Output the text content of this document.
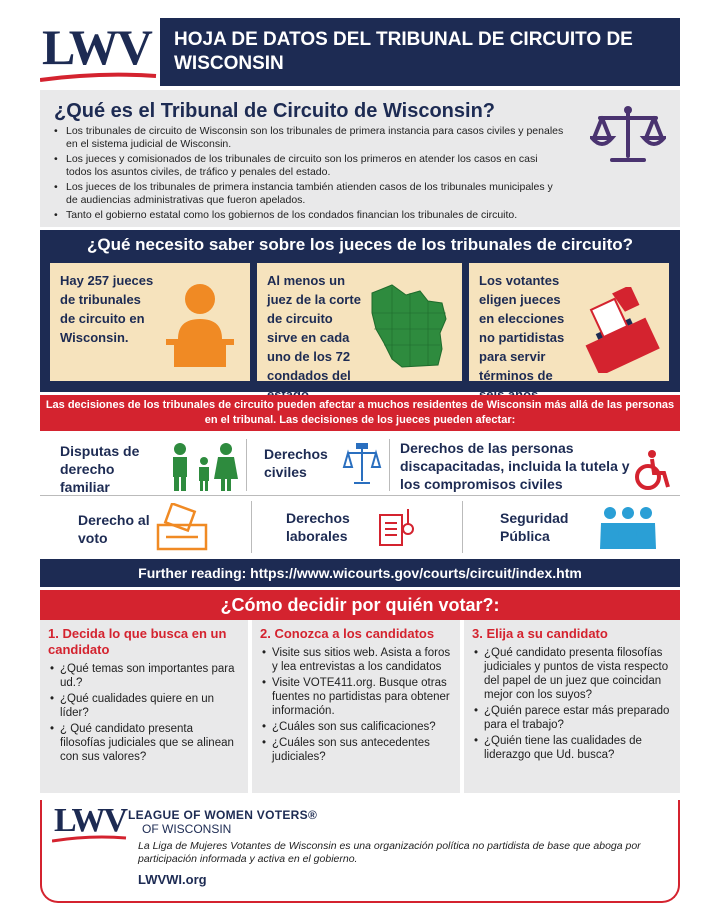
LWV	HOJA DE DATOS DEL TRIBUNAL DE CIRCUITO DE WISCONSIN
¿Qué es el Tribunal de Circuito de Wisconsin?
• Los tribunales de circuito de Wisconsin son los tribunales de primera instancia para casos civiles y penales en el sistema judicial de Wisconsin.
• Los jueces y comisionados de los tribunales de circuito son los primeros en atender los casos en casi todos los asuntos civiles, de tráfico y penales del estado.
• Los jueces de los tribunales de primera instancia también atienden casos de los tribunales municipales y de audiencias administrativas que fueron apelados.
• Tanto el gobierno estatal como los gobiernos de los condados financian los tribunales de circuito.
¿Qué necesito saber sobre los jueces de los tribunales de circuito?
Hay 257 jueces de tribunales de circuito en Wisconsin.
Al menos un juez de la corte de circuito sirve en cada uno de los 72 condados del
Los votantes eligen jueces en elecciones no partidistas para servir términos de
Las decisiones de los tribunales de circuito pueden afectar a muchos residentes de Wisconsin más allá de las personas en el tribunal. Las decisiones de los jueces pueden afectar:
Disputas de derecho familiar
Derechos civiles
Derechos de las personas discapacitadas, incluida la tutela y los compromisos civiles
Derecho al voto
Derechos laborales
Seguridad Pública
Further reading: https://www.wicourts.gov/courts/circuit/index.htm
¿Cómo decidir por quién votar?:
1. Decida lo que busca en un candidato
• ¿Qué temas son importantes para ud.?
• ¿Qué cualidades quiere en un líder?
• ¿ Qué candidato presenta filosofías judiciales que se alinean con sus valores?
2. Conozca a los candidatos
• Visite sus sitios web. Asista a foros y lea entrevistas a los candidatos
• Visite VOTE411.org. Busque otras fuentes no partidistas para obtener información.
• ¿Cuáles son sus calificaciones?
• ¿Cuáles son sus antecedentes judiciales?
3. Elija a su candidato
• ¿Qué candidato presenta filosofías judiciales y puntos de vista respecto del papel de un juez que coincidan mejor con los suyos?
• ¿Quién parece estar más preparado para el trabajo?
• ¿Quién tiene las cualidades de liderazgo que Ud. busca?
LWV LEAGUE OF WOMEN VOTERS®
OF WISCONSIN

La Liga de Mujeres Votantes de Wisconsin es una organización política no partidista de base que aboga por participación informada y activa en el gobierno.

LWVWI.org
